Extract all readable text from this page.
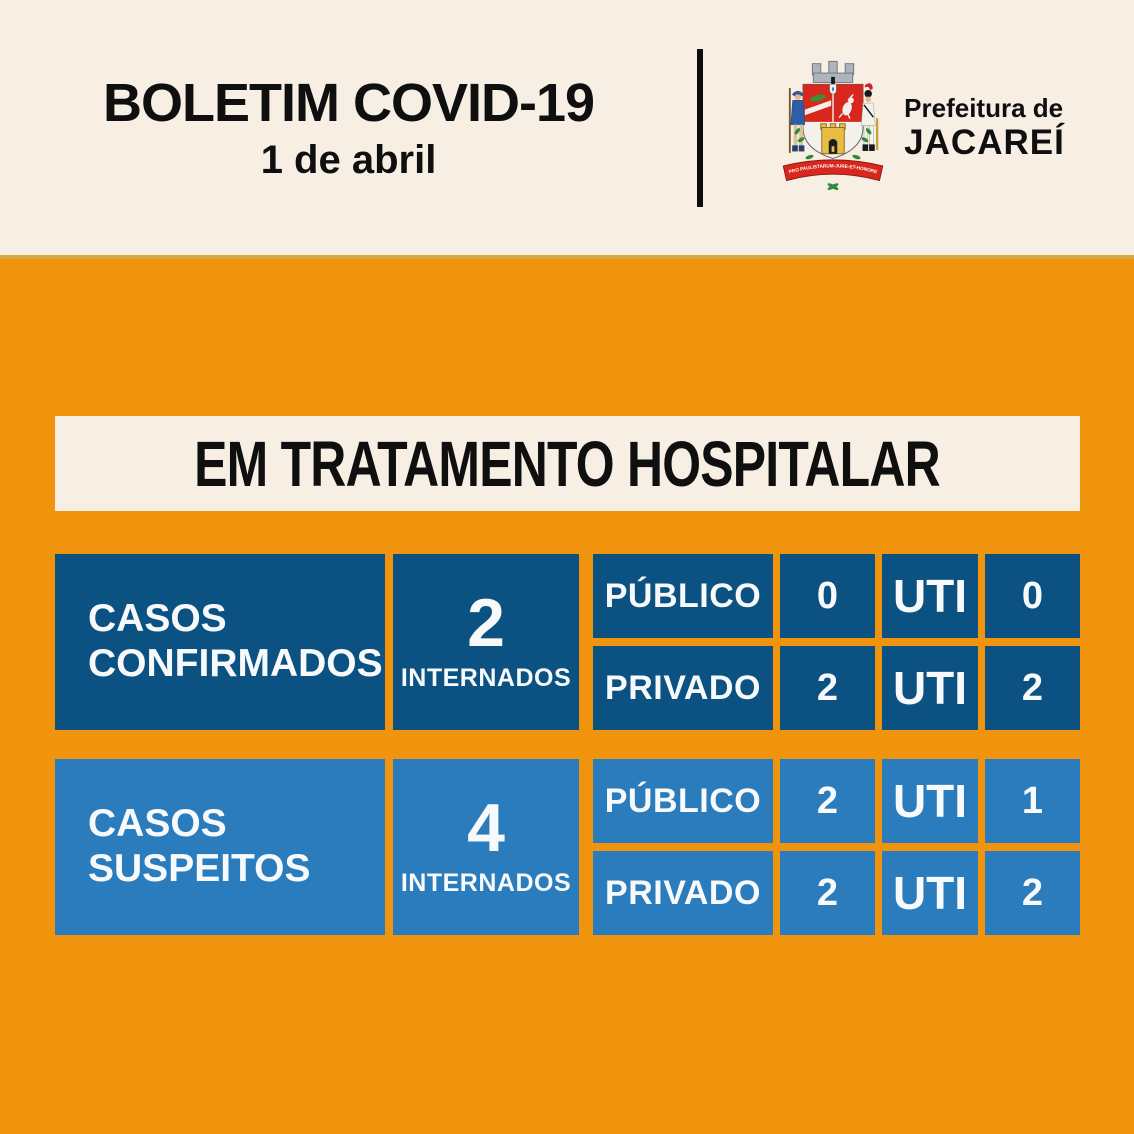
BOLETIM COVID-19
1 de abril	PRO PAULISTARUM-JURE-ET-HONORE
Prefeitura de
JACAREÍ
EM TRATAMENTO HOSPITALAR
CASOS
CONFIRMADOS
2
INTERNADOS
PÚBLICO	0	UTI	0
PRIVADO	2	UTI	2
CASOS
SUSPEITOS
4
INTERNADOS
PÚBLICO	2	UTI	1
PRIVADO	2	UTI	2
